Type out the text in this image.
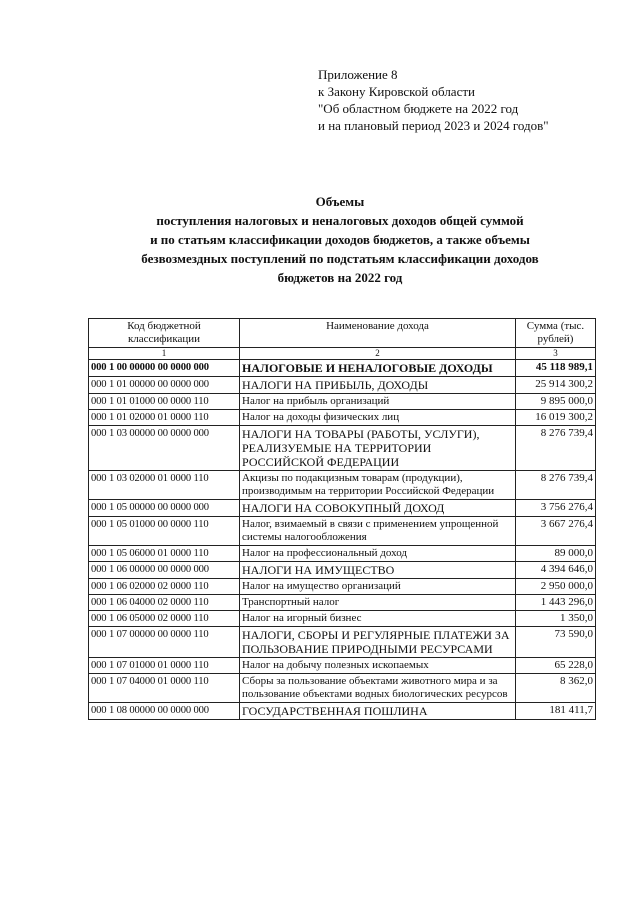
Приложение 8
к Закону Кировской области
"Об областном бюджете на 2022 год
и на плановый период 2023 и 2024 годов"
Объемы
поступления налоговых и неналоговых доходов общей суммой
и по статьям классификации доходов бюджетов, а также объемы
безвозмездных поступлений по подстатьям классификации доходов
бюджетов на 2022 год
Код бюджетной классификации	Наименование дохода	Сумма (тыс. рублей)
1	2	3
000 1 00 00000 00 0000 000	НАЛОГОВЫЕ И НЕНАЛОГОВЫЕ ДОХОДЫ	45 118 989,1
000 1 01 00000 00 0000 000	НАЛОГИ НА ПРИБЫЛЬ, ДОХОДЫ	25 914 300,2
000 1 01 01000 00 0000 110	Налог на прибыль организаций	9 895 000,0
000 1 01 02000 01 0000 110	Налог на доходы физических лиц	16 019 300,2
000 1 03 00000 00 0000 000	НАЛОГИ НА ТОВАРЫ (РАБОТЫ, УСЛУГИ), РЕАЛИЗУЕМЫЕ НА ТЕРРИТОРИИ РОССИЙСКОЙ ФЕДЕРАЦИИ	8 276 739,4
000 1 03 02000 01 0000 110	Акцизы по подакцизным товарам (продукции), производимым на территории Российской Федерации	8 276 739,4
000 1 05 00000 00 0000 000	НАЛОГИ НА СОВОКУПНЫЙ ДОХОД	3 756 276,4
000 1 05 01000 00 0000 110	Налог, взимаемый в связи с применением упрощенной системы налогообложения	3 667 276,4
000 1 05 06000 01 0000 110	Налог на профессиональный доход	89 000,0
000 1 06 00000 00 0000 000	НАЛОГИ НА ИМУЩЕСТВО	4 394 646,0
000 1 06 02000 02 0000 110	Налог на имущество организаций	2 950 000,0
000 1 06 04000 02 0000 110	Транспортный налог	1 443 296,0
000 1 06 05000 02 0000 110	Налог на игорный бизнес	1 350,0
000 1 07 00000 00 0000 110	НАЛОГИ, СБОРЫ И РЕГУЛЯРНЫЕ ПЛАТЕЖИ ЗА ПОЛЬЗОВАНИЕ ПРИРОДНЫМИ РЕСУРСАМИ	73 590,0
000 1 07 01000 01 0000 110	Налог на добычу полезных ископаемых	65 228,0
000 1 07 04000 01 0000 110	Сборы за пользование объектами животного мира и за пользование объектами водных биологических ресурсов	8 362,0
000 1 08 00000 00 0000 000	ГОСУДАРСТВЕННАЯ ПОШЛИНА	181 411,7
